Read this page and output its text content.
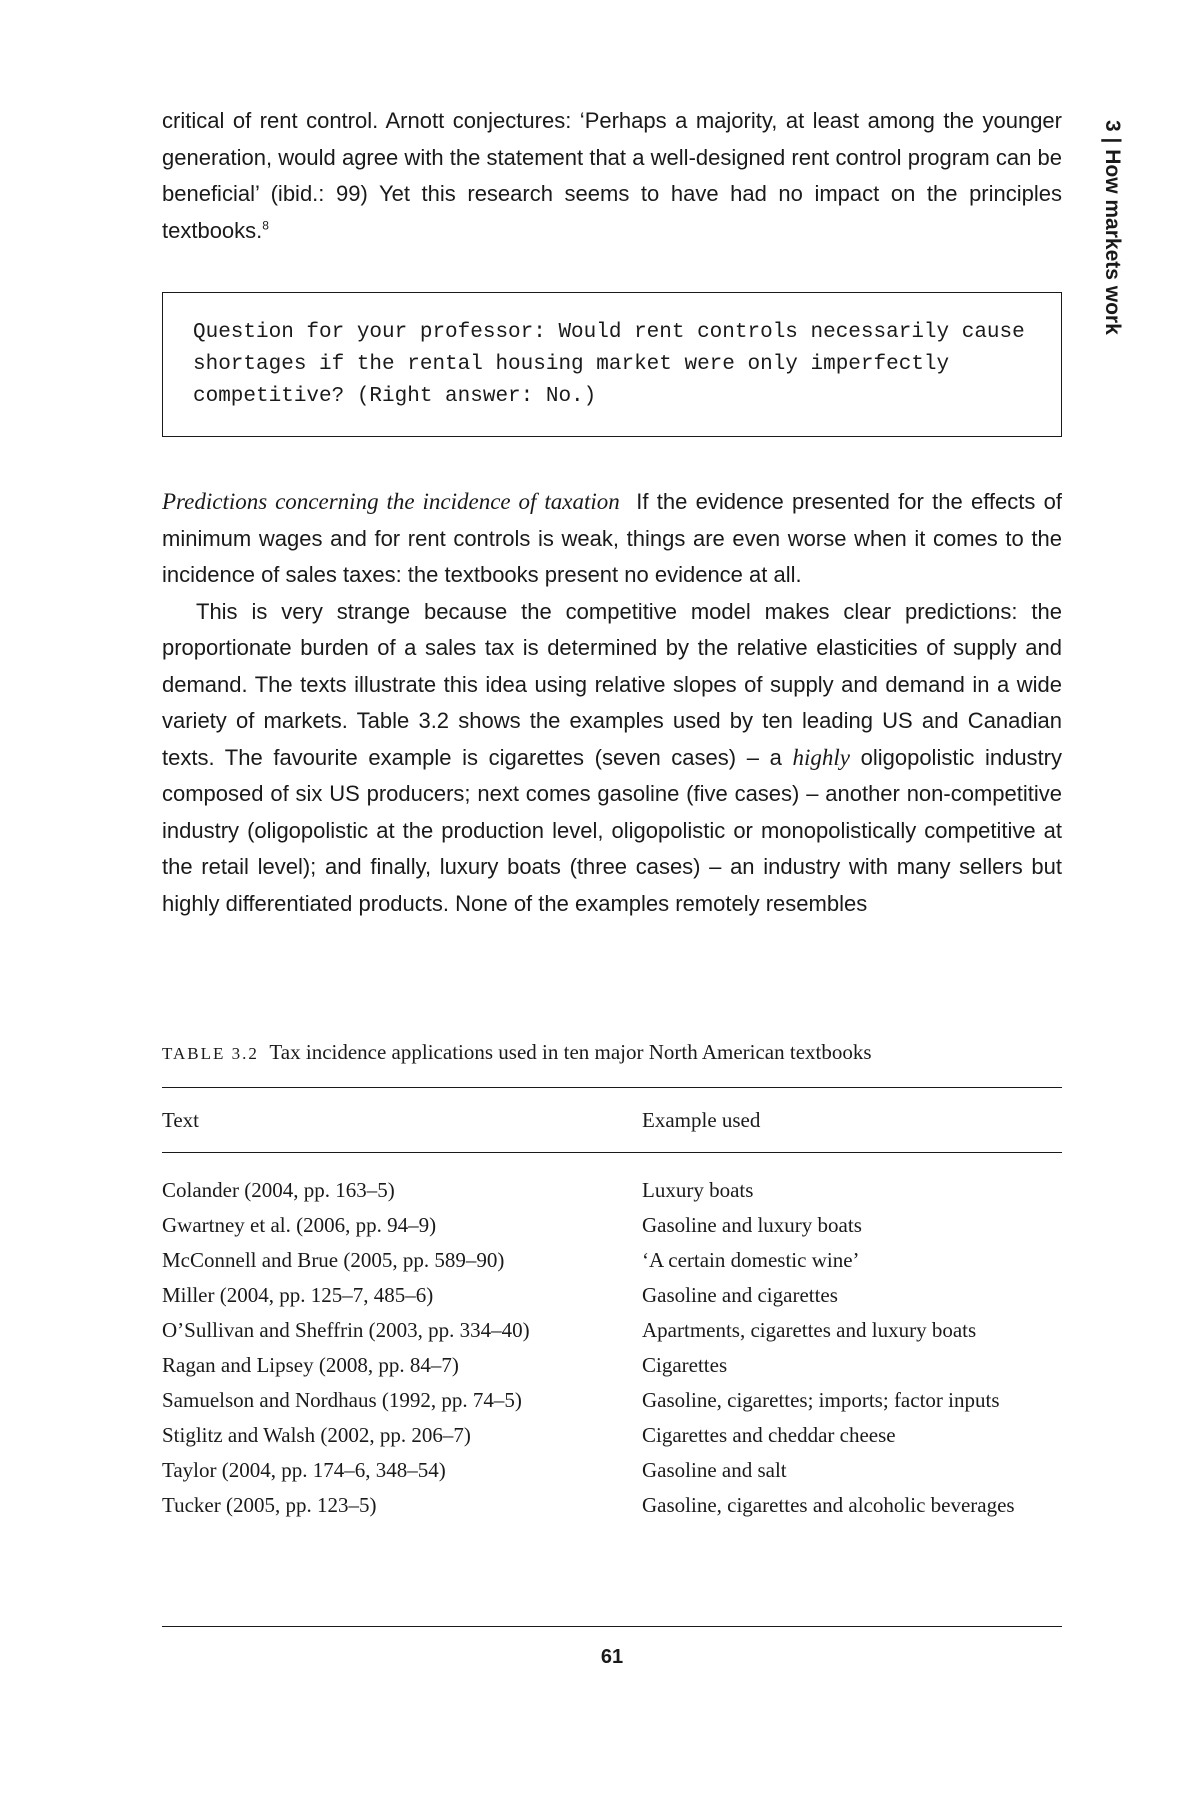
3 | How markets work

critical of rent control. Arnott conjectures: ‘Perhaps a majority, at least among the younger generation, would agree with the statement that a well-designed rent control program can be beneficial’ (ibid.: 99) Yet this research seems to have had no impact on the principles textbooks.$^8$

Question for your professor: Would rent controls necessarily cause shortages if the rental housing market were only imperfectly competitive? (Right answer: No.)

Predictions concerning the incidence of taxation If the evidence presented for the effects of minimum wages and for rent controls is weak, things are even worse when it comes to the incidence of sales taxes: the textbooks present no evidence at all.

This is very strange because the competitive model makes clear predictions: the proportionate burden of a sales tax is determined by the relative elasticities of supply and demand. The texts illustrate this idea using relative slopes of supply and demand in a wide variety of markets. Table 3.2 shows the examples used by ten leading US and Canadian texts. The favourite example is cigarettes (seven cases) – a highly oligopolistic industry composed of six US producers; next comes gasoline (five cases) – another non-competitive industry (oligopolistic at the production level, oligopolistic or monopolistically competitive at the retail level); and finally, luxury boats (three cases) – an industry with many sellers but highly differentiated products. None of the examples remotely resembles

TABLE 3.2 Tax incidence applications used in ten major North American textbooks

Text	Example used
Colander (2004, pp. 163–5)	Luxury boats
Gwartney et al. (2006, pp. 94–9)	Gasoline and luxury boats
McConnell and Brue (2005, pp. 589–90)	‘A certain domestic wine’
Miller (2004, pp. 125–7, 485–6)	Gasoline and cigarettes
O’Sullivan and Sheffrin (2003, pp. 334–40)	Apartments, cigarettes and luxury boats
Ragan and Lipsey (2008, pp. 84–7)	Cigarettes
Samuelson and Nordhaus (1992, pp. 74–5)	Gasoline, cigarettes; imports; factor inputs
Stiglitz and Walsh (2002, pp. 206–7)	Cigarettes and cheddar cheese
Taylor (2004, pp. 174–6, 348–54)	Gasoline and salt
Tucker (2005, pp. 123–5)	Gasoline, cigarettes and alcoholic beverages
61
